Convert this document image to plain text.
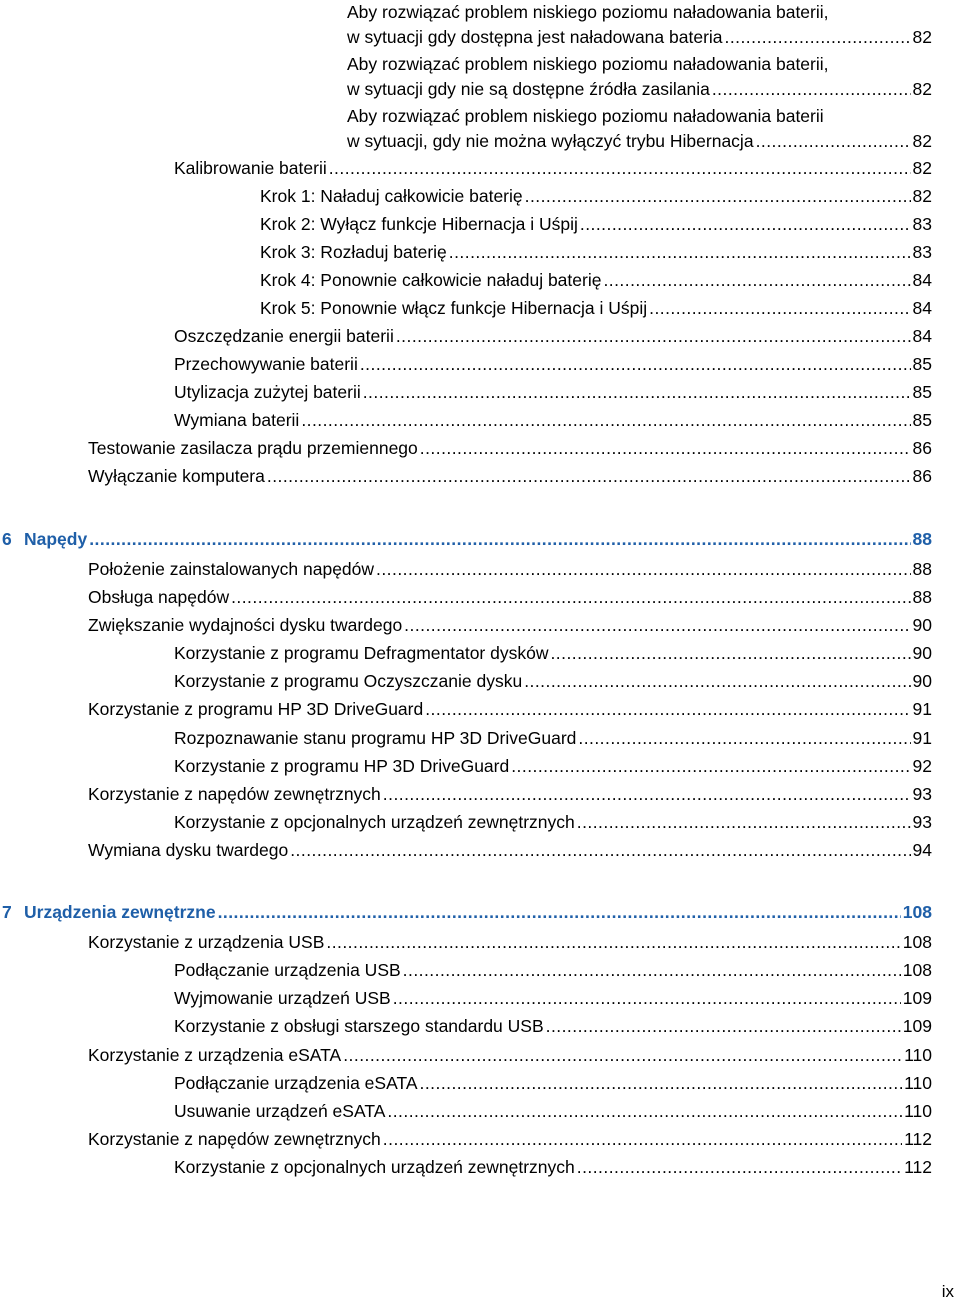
Aby rozwiązać problem niskiego poziomu naładowania baterii,
w sytuacji gdy dostępna jest naładowana bateria . . .	82
Aby rozwiązać problem niskiego poziomu naładowania baterii,
w sytuacji gdy nie są dostępne źródła zasilania . . .	82
Aby rozwiązać problem niskiego poziomu naładowania baterii
w sytuacji, gdy nie można wyłączyć trybu Hibernacja . . .	82
Kalibrowanie baterii . . .	82
Krok 1: Naładuj całkowicie baterię . . .	82
Krok 2: Wyłącz funkcje Hibernacja i Uśpij . . .	83
Krok 3: Rozładuj baterię . . .	83
Krok 4: Ponownie całkowicie naładuj baterię . . .	84
Krok 5: Ponownie włącz funkcje Hibernacja i Uśpij . . .	84
Oszczędzanie energii baterii . . .	84
Przechowywanie baterii . . .	85
Utylizacja zużytej baterii . . .	85
Wymiana baterii . . .	85
Testowanie zasilacza prądu przemiennego . . .	86
Wyłączanie komputera . . .	86
6 Napędy . . .	88
Położenie zainstalowanych napędów . . .	88
Obsługa napędów . . .	88
Zwiększanie wydajności dysku twardego . . .	90
Korzystanie z programu Defragmentator dysków . . .	90
Korzystanie z programu Oczyszczanie dysku . . .	90
Korzystanie z programu HP 3D DriveGuard . . .	91
Rozpoznawanie stanu programu HP 3D DriveGuard . . .	91
Korzystanie z programu HP 3D DriveGuard . . .	92
Korzystanie z napędów zewnętrznych . . .	93
Korzystanie z opcjonalnych urządzeń zewnętrznych . . .	93
Wymiana dysku twardego . . .	94
7 Urządzenia zewnętrzne . . .	108
Korzystanie z urządzenia USB . . .	108
Podłączanie urządzenia USB . . .	108
Wyjmowanie urządzeń USB . . .	109
Korzystanie z obsługi starszego standardu USB . . .	109
Korzystanie z urządzenia eSATA . . .	110
Podłączanie urządzenia eSATA . . .	110
Usuwanie urządzeń eSATA . . .	110
Korzystanie z napędów zewnętrznych . . .	112
Korzystanie z opcjonalnych urządzeń zewnętrznych . . .	112
ix
